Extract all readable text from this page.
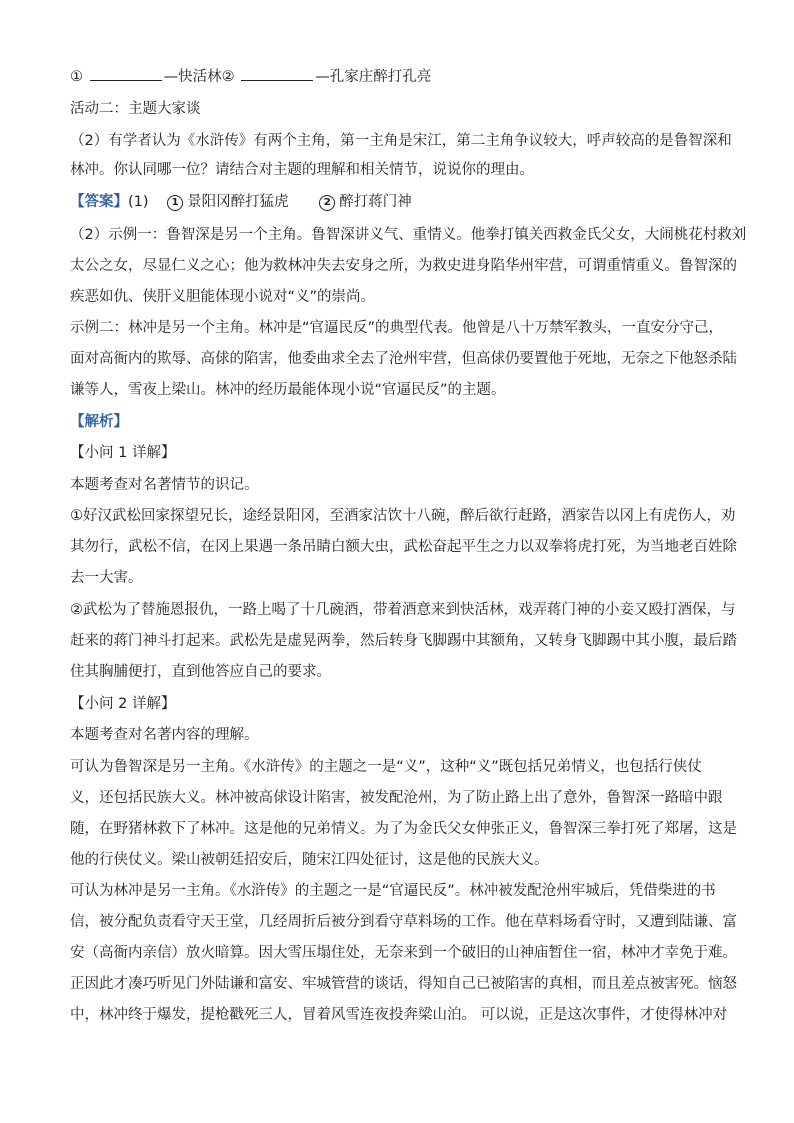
①	—快活林②	—孔家庄醉打孔亮
活动二：主题大家谈
（2）有学者认为《水浒传》有两个主角，第一主角是宋江，第二主角争议较大，呼声较高的是鲁智深和
林冲。你认同哪一位？请结合对主题的理解和相关情节，说说你的理由。
【答案】(1) 1 景阳冈醉打猛虎	2 醉打蒋门神
（2）示例一：鲁智深是另一个主角。鲁智深讲义气、重情义。他拳打镇关西救金氏父女，大闹桃花村救刘
太公之女，尽显仁义之心；他为救林冲失去安身之所，为救史进身陷华州牢营，可谓重情重义。鲁智深的
疾恶如仇、侠肝义胆能体现小说对“义”的崇尚。
示例二：林冲是另一个主角。林冲是“官逼民反”的典型代表。他曾是八十万禁军教头，一直安分守己，
面对高衙内的欺辱、高俅的陷害，他委曲求全去了沧州牢营，但高俅仍要置他于死地，无奈之下他怒杀陆
谦等人，雪夜上梁山。林冲的经历最能体现小说“官逼民反”的主题。
【解析】
【小问 1 详解】
本题考查对名著情节的识记。
①好汉武松回家探望兄长，途经景阳冈，至酒家沽饮十八碗，醉后欲行赶路，酒家告以冈上有虎伤人，劝
其勿行，武松不信，在冈上果遇一条吊睛白额大虫，武松奋起平生之力以双拳将虎打死，为当地老百姓除
去一大害。
②武松为了替施恩报仇，一路上喝了十几碗酒，带着酒意来到快活林，戏弄蒋门神的小妾又殴打酒保，与
赶来的蒋门神斗打起来。武松先是虚晃两拳，然后转身飞脚踢中其额角，又转身飞脚踢中其小腹，最后踏
住其胸脯便打，直到他答应自己的要求。
【小问 2 详解】
本题考查对名著内容的理解。
可认为鲁智深是另一主角。《水浒传》的主题之一是“义”，这种“义”既包括兄弟情义，也包括行侠仗
义，还包括民族大义。林冲被高俅设计陷害，被发配沧州，为了防止路上出了意外，鲁智深一路暗中跟
随，在野猪林救下了林冲。这是他的兄弟情义。为了为金氏父女伸张正义，鲁智深三拳打死了郑屠，这是
他的行侠仗义。梁山被朝廷招安后，随宋江四处征讨，这是他的民族大义。
可认为林冲是另一主角。《水浒传》的主题之一是“官逼民反”。林冲被发配沧州牢城后，凭借柴进的书
信，被分配负责看守天王堂，几经周折后被分到看守草料场的工作。他在草料场看守时，又遭到陆谦、富
安（高衙内亲信）放火暗算。因大雪压塌住处，无奈来到一个破旧的山神庙暂住一宿，林冲才幸免于难。
正因此才凑巧听见门外陆谦和富安、牢城管营的谈话，得知自己已被陷害的真相，而且差点被害死。恼怒
中，林冲终于爆发，提枪戳死三人，冒着风雪连夜投奔梁山泊。 可以说，正是这次事件，才使得林冲对
